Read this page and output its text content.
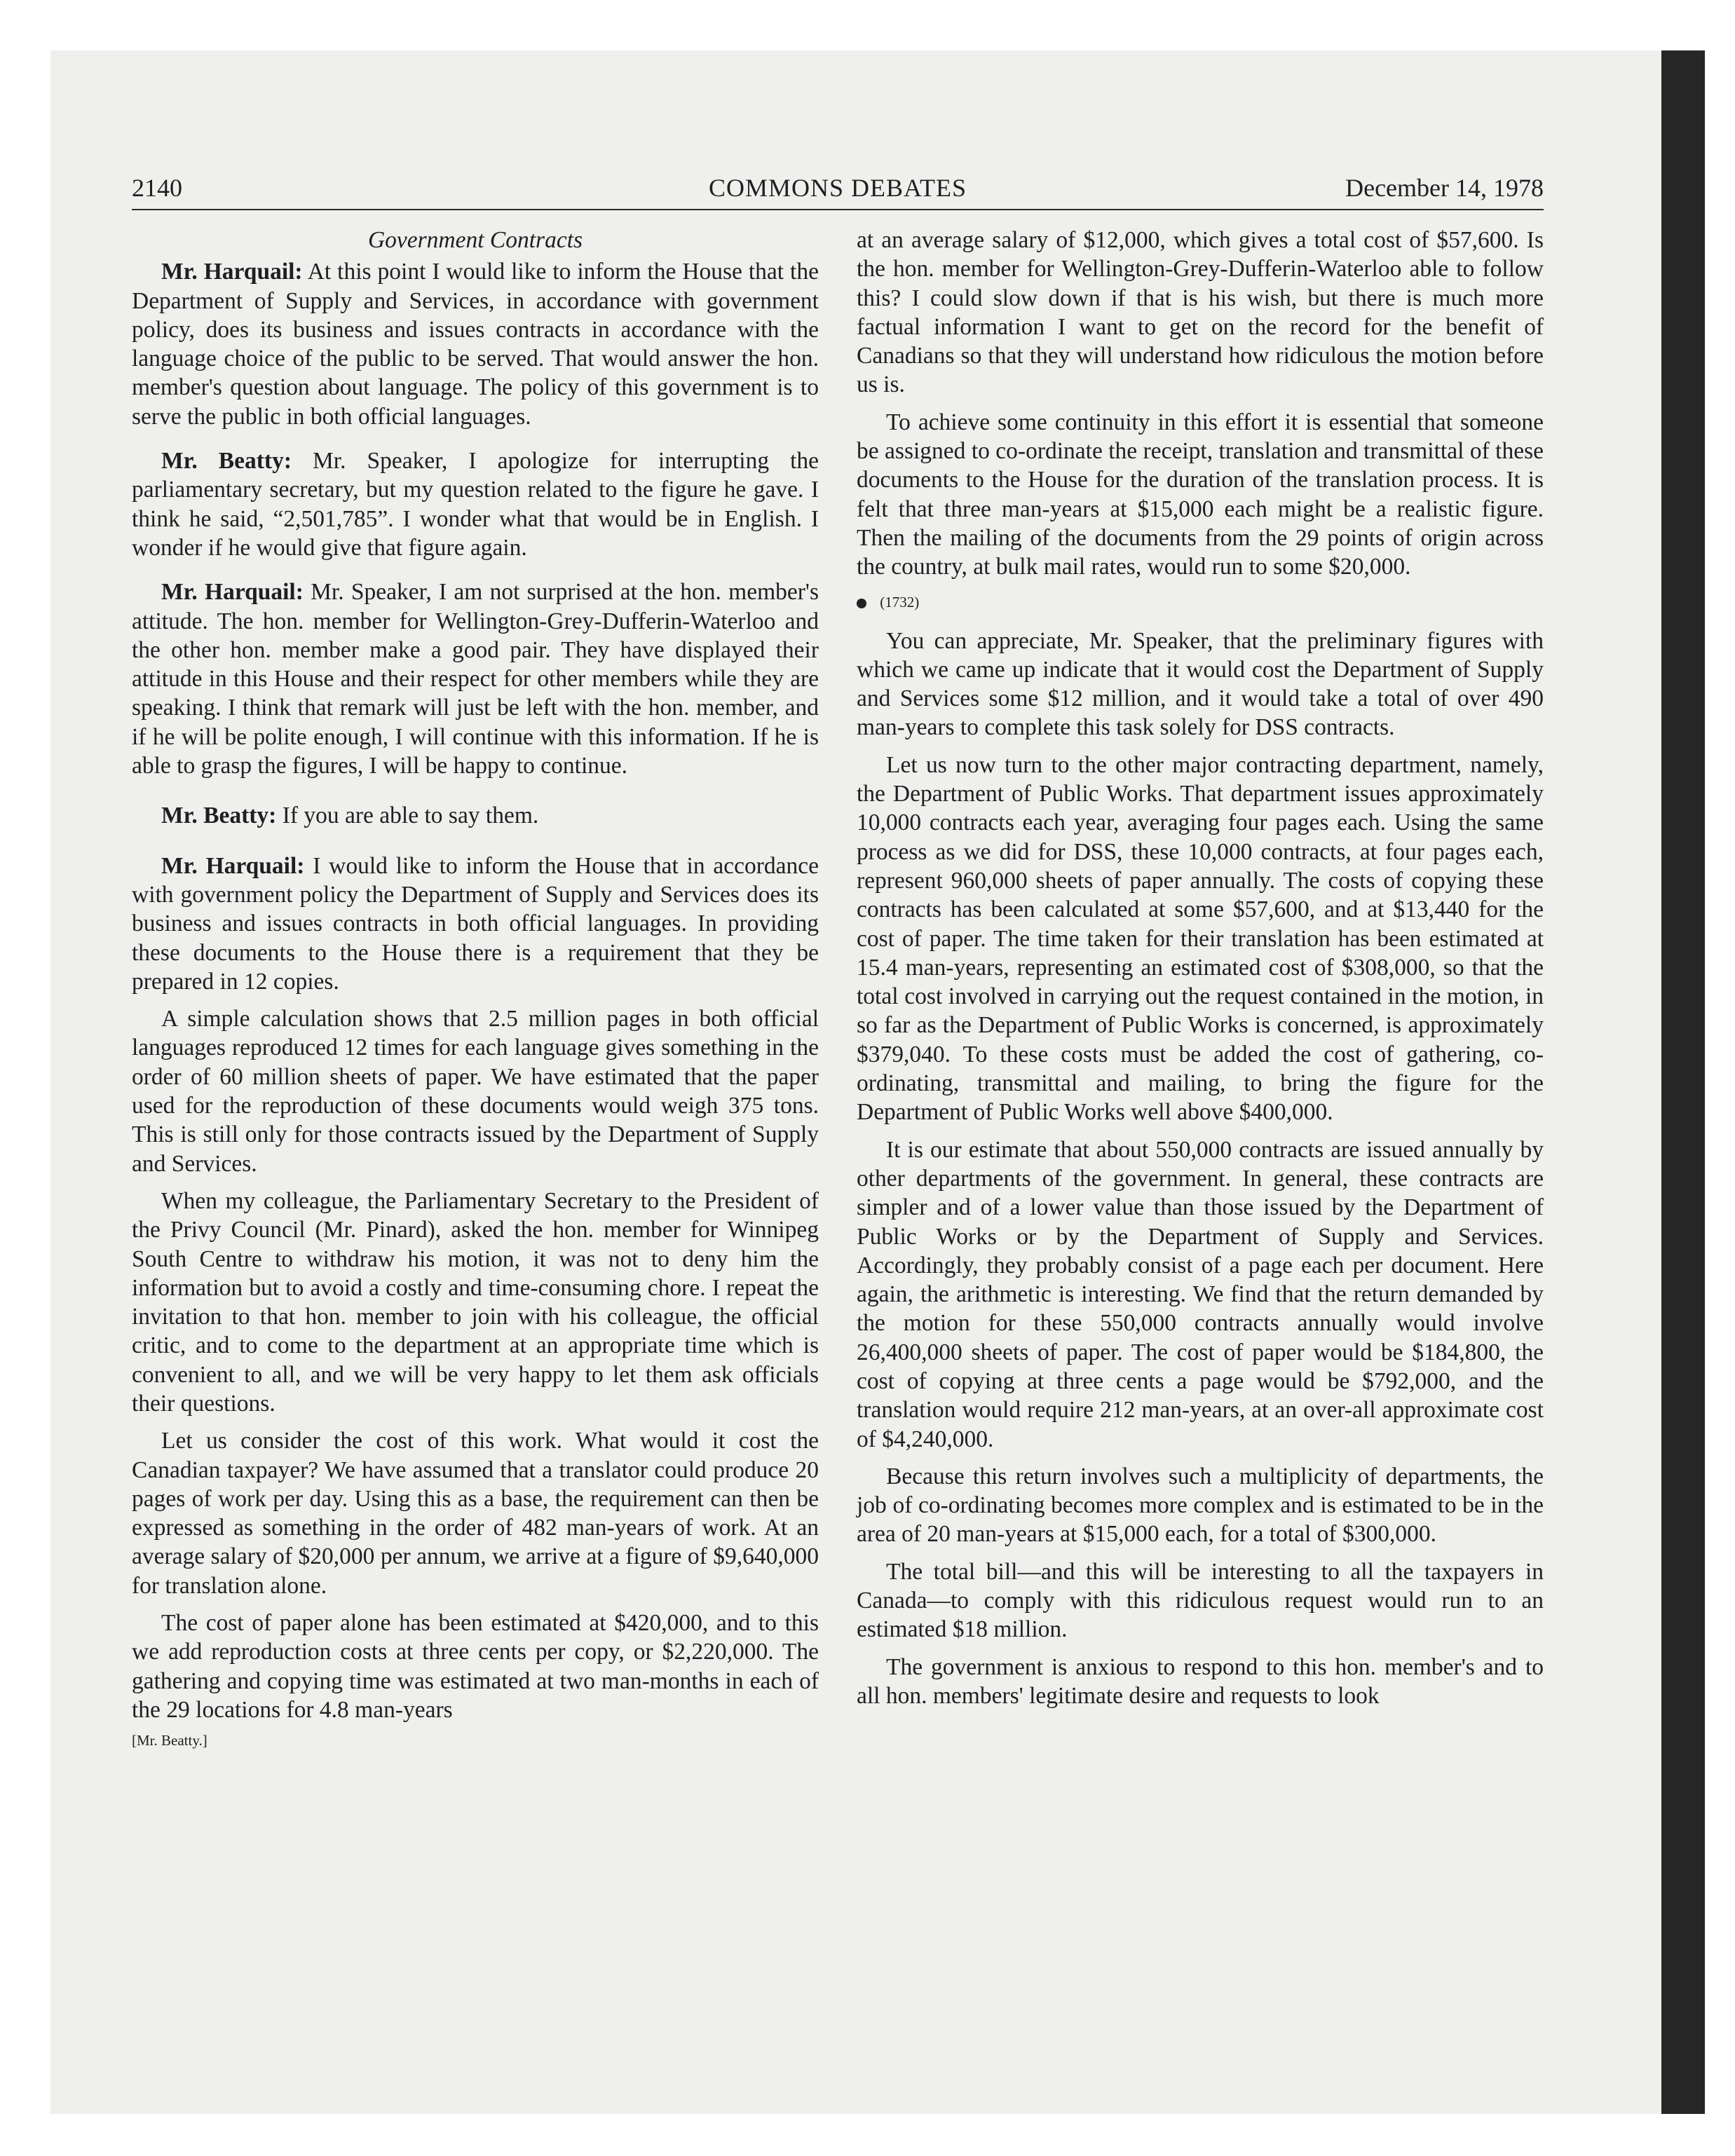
2140	COMMONS DEBATES	December 14, 1978
Government Contracts

Mr. Harquail: At this point I would like to inform the House that the Department of Supply and Services, in accordance with government policy, does its business and issues contracts in accordance with the language choice of the public to be served. That would answer the hon. member's question about language. The policy of this government is to serve the public in both official languages.

Mr. Beatty: Mr. Speaker, I apologize for interrupting the parliamentary secretary, but my question related to the figure he gave. I think he said, “2,501,785”. I wonder what that would be in English. I wonder if he would give that figure again.

Mr. Harquail: Mr. Speaker, I am not surprised at the hon. member's attitude. The hon. member for Wellington-Grey-Dufferin-Waterloo and the other hon. member make a good pair. They have displayed their attitude in this House and their respect for other members while they are speaking. I think that remark will just be left with the hon. member, and if he will be polite enough, I will continue with this information. If he is able to grasp the figures, I will be happy to continue.

Mr. Beatty: If you are able to say them.

Mr. Harquail: I would like to inform the House that in accordance with government policy the Department of Supply and Services does its business and issues contracts in both official languages. In providing these documents to the House there is a requirement that they be prepared in 12 copies.

A simple calculation shows that 2.5 million pages in both official languages reproduced 12 times for each language gives something in the order of 60 million sheets of paper. We have estimated that the paper used for the reproduction of these documents would weigh 375 tons. This is still only for those contracts issued by the Department of Supply and Services.

When my colleague, the Parliamentary Secretary to the President of the Privy Council (Mr. Pinard), asked the hon. member for Winnipeg South Centre to withdraw his motion, it was not to deny him the information but to avoid a costly and time-consuming chore. I repeat the invitation to that hon. member to join with his colleague, the official critic, and to come to the department at an appropriate time which is convenient to all, and we will be very happy to let them ask officials their questions.

Let us consider the cost of this work. What would it cost the Canadian taxpayer? We have assumed that a translator could produce 20 pages of work per day. Using this as a base, the requirement can then be expressed as something in the order of 482 man-years of work. At an average salary of $20,000 per annum, we arrive at a figure of $9,640,000 for translation alone.

The cost of paper alone has been estimated at $420,000, and to this we add reproduction costs at three cents per copy, or $2,220,000. The gathering and copying time was estimated at two man-months in each of the 29 locations for 4.8 man-years

[Mr. Beatty.]

at an average salary of $12,000, which gives a total cost of $57,600. Is the hon. member for Wellington-Grey-Dufferin-Waterloo able to follow this? I could slow down if that is his wish, but there is much more factual information I want to get on the record for the benefit of Canadians so that they will understand how ridiculous the motion before us is.

To achieve some continuity in this effort it is essential that someone be assigned to co-ordinate the receipt, translation and transmittal of these documents to the House for the duration of the translation process. It is felt that three man-years at $15,000 each might be a realistic figure. Then the mailing of the documents from the 29 points of origin across the country, at bulk mail rates, would run to some $20,000.

(1732)

You can appreciate, Mr. Speaker, that the preliminary figures with which we came up indicate that it would cost the Department of Supply and Services some $12 million, and it would take a total of over 490 man-years to complete this task solely for DSS contracts.

Let us now turn to the other major contracting department, namely, the Department of Public Works. That department issues approximately 10,000 contracts each year, averaging four pages each. Using the same process as we did for DSS, these 10,000 contracts, at four pages each, represent 960,000 sheets of paper annually. The costs of copying these contracts has been calculated at some $57,600, and at $13,440 for the cost of paper. The time taken for their translation has been estimated at 15.4 man-years, representing an estimated cost of $308,000, so that the total cost involved in carrying out the request contained in the motion, in so far as the Department of Public Works is concerned, is approximately $379,040. To these costs must be added the cost of gathering, co-ordinating, transmittal and mailing, to bring the figure for the Department of Public Works well above $400,000.

It is our estimate that about 550,000 contracts are issued annually by other departments of the government. In general, these contracts are simpler and of a lower value than those issued by the Department of Public Works or by the Department of Supply and Services. Accordingly, they probably consist of a page each per document. Here again, the arithmetic is interesting. We find that the return demanded by the motion for these 550,000 contracts annually would involve 26,400,000 sheets of paper. The cost of paper would be $184,800, the cost of copying at three cents a page would be $792,000, and the translation would require 212 man-years, at an over-all approximate cost of $4,240,000.

Because this return involves such a multiplicity of departments, the job of co-ordinating becomes more complex and is estimated to be in the area of 20 man-years at $15,000 each, for a total of $300,000.

The total bill—and this will be interesting to all the taxpayers in Canada—to comply with this ridiculous request would run to an estimated $18 million.

The government is anxious to respond to this hon. member's and to all hon. members' legitimate desire and requests to look
